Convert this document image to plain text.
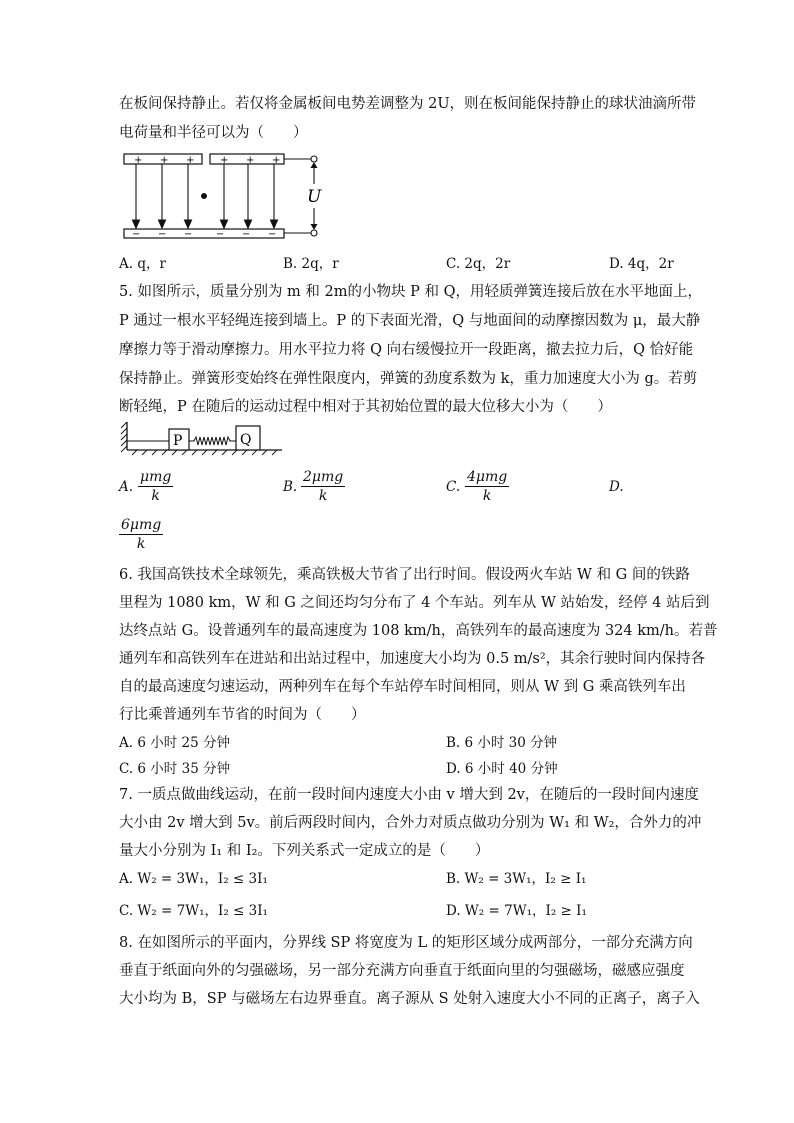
在板间保持静止。若仅将金属板间电势差调整为 2U，则在板间能保持静止的球状油滴所带
电荷量和半径可以为（　　）
+ + +	+ + +
− − − − − −
U
A. q，r	B. 2q，r	C. 2q，2r	D. 4q，2r
5. 如图所示，质量分别为 m 和 2m的小物块 P 和 Q，用轻质弹簧连接后放在水平地面上，
P 通过一根水平轻绳连接到墙上。P 的下表面光滑，Q 与地面间的动摩擦因数为 μ，最大静
摩擦力等于滑动摩擦力。用水平拉力将 Q 向右缓慢拉开一段距离，撤去拉力后，Q 恰好能
保持静止。弹簧形变始终在弹性限度内，弹簧的劲度系数为 k，重力加速度大小为 g。若剪
断轻绳，P 在随后的运动过程中相对于其初始位置的最大位移大小为（　　）
P	Q
A.
μmg
k
B.
2μmg
k
C.
4μmg
k
D.
6μmg
k
6. 我国高铁技术全球领先，乘高铁极大节省了出行时间。假设两火车站 W 和 G 间的铁路
里程为 1080 km，W 和 G 之间还均匀分布了 4 个车站。列车从 W 站始发，经停 4 站后到
达终点站 G。设普通列车的最高速度为 108 km/h，高铁列车的最高速度为 324 km/h。若普
通列车和高铁列车在进站和出站过程中，加速度大小均为 0.5 m/s²，其余行驶时间内保持各
自的最高速度匀速运动，两种列车在每个车站停车时间相同，则从 W 到 G 乘高铁列车出
行比乘普通列车节省的时间为（　　）
A. 6 小时 25 分钟	B. 6 小时 30 分钟
C. 6 小时 35 分钟	D. 6 小时 40 分钟
7. 一质点做曲线运动，在前一段时间内速度大小由 v 增大到 2v，在随后的一段时间内速度
大小由 2v 增大到 5v。前后两段时间内，合外力对质点做功分别为 W₁ 和 W₂，合外力的冲
量大小分别为 I₁ 和 I₂。下列关系式一定成立的是（　　）
A. W₂ = 3W₁，I₂ ≤ 3I₁	B. W₂ = 3W₁，I₂ ≥ I₁
C. W₂ = 7W₁，I₂ ≤ 3I₁	D. W₂ = 7W₁，I₂ ≥ I₁
8. 在如图所示的平面内，分界线 SP 将宽度为 L 的矩形区域分成两部分，一部分充满方向
垂直于纸面向外的匀强磁场，另一部分充满方向垂直于纸面向里的匀强磁场，磁感应强度
大小均为 B，SP 与磁场左右边界垂直。离子源从 S 处射入速度大小不同的正离子，离子入
